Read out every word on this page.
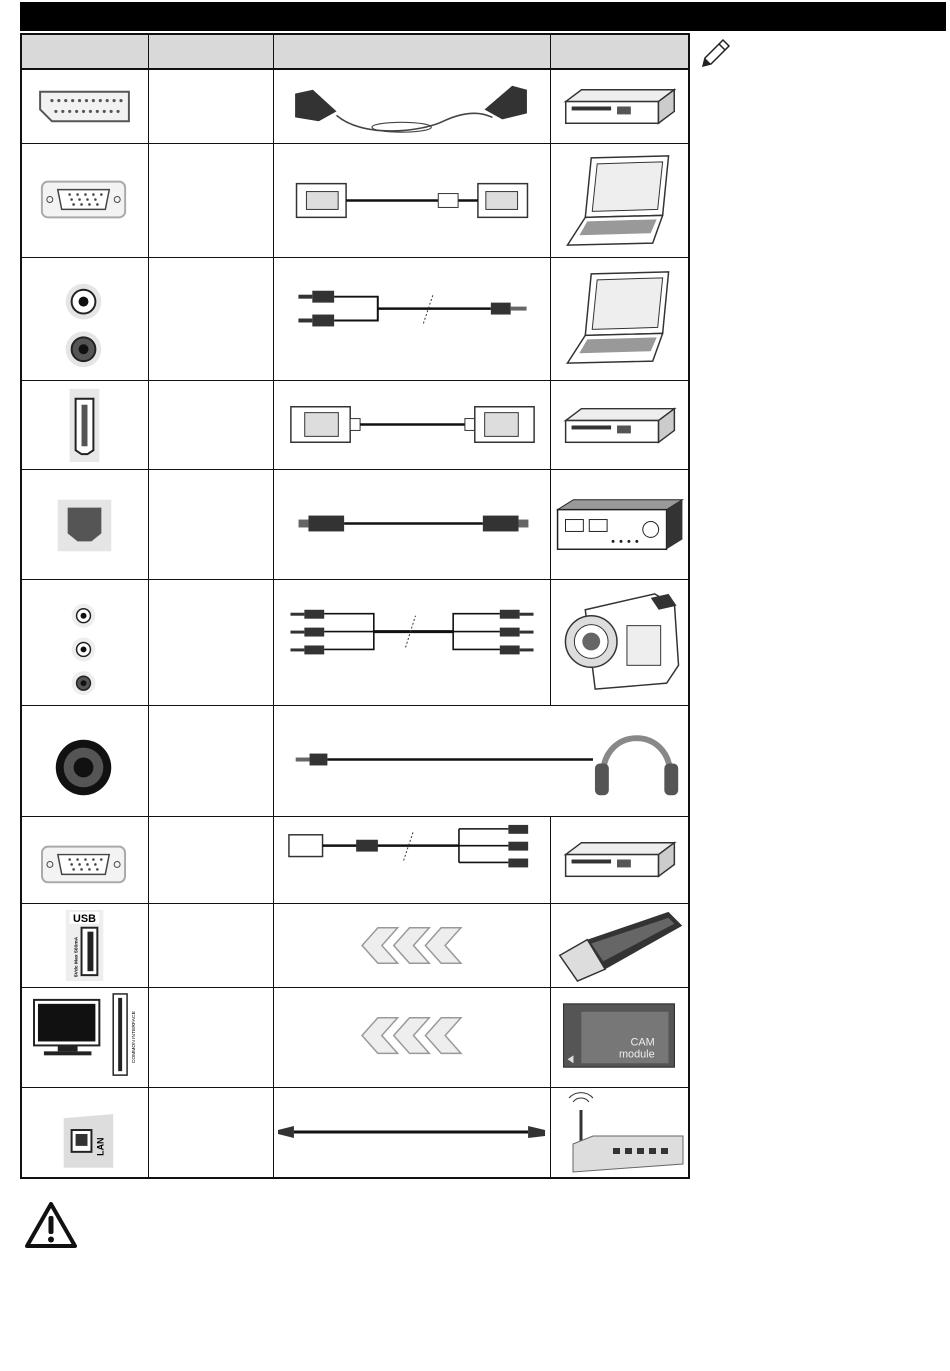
USB
5Vdc Max 500mA
COMMON INTERFACE	CAM
module
LAN
